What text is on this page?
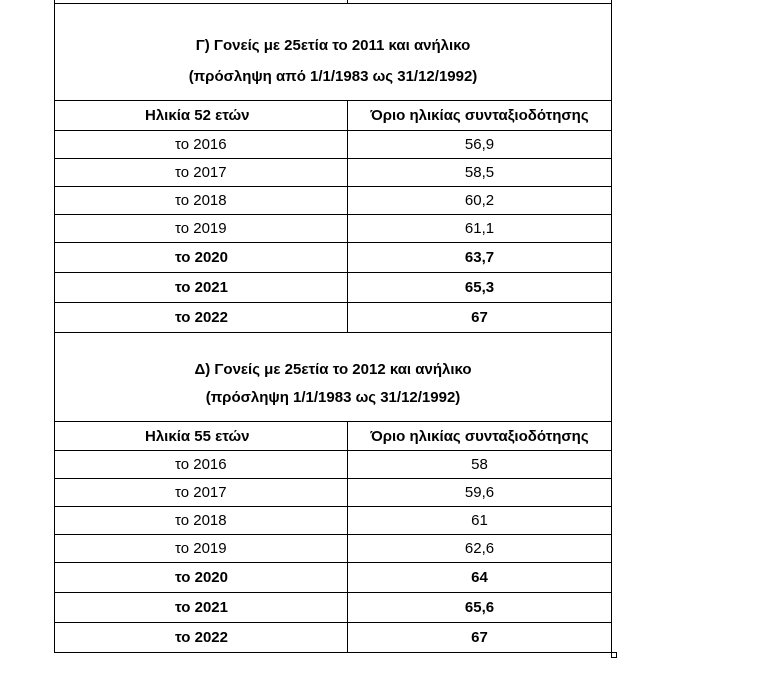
Γ) Γονείς με 25ετία το 2011 και ανήλικο
(πρόσληψη από 1/1/1983 ως 31/12/1992)
Ηλικία 52 ετών	Όριο ηλικίας συνταξιοδότησης
το 2016	56,9
το 2017	58,5
το 2018	60,2
το 2019	61,1
το 2020	63,7
το 2021	65,3
το 2022	67
Δ) Γονείς με 25ετία το 2012 και ανήλικο
(πρόσληψη 1/1/1983 ως 31/12/1992)
Ηλικία 55 ετών	Όριο ηλικίας συνταξιοδότησης
το 2016	58
το 2017	59,6
το 2018	61
το 2019	62,6
το 2020	64
το 2021	65,6
το 2022	67
